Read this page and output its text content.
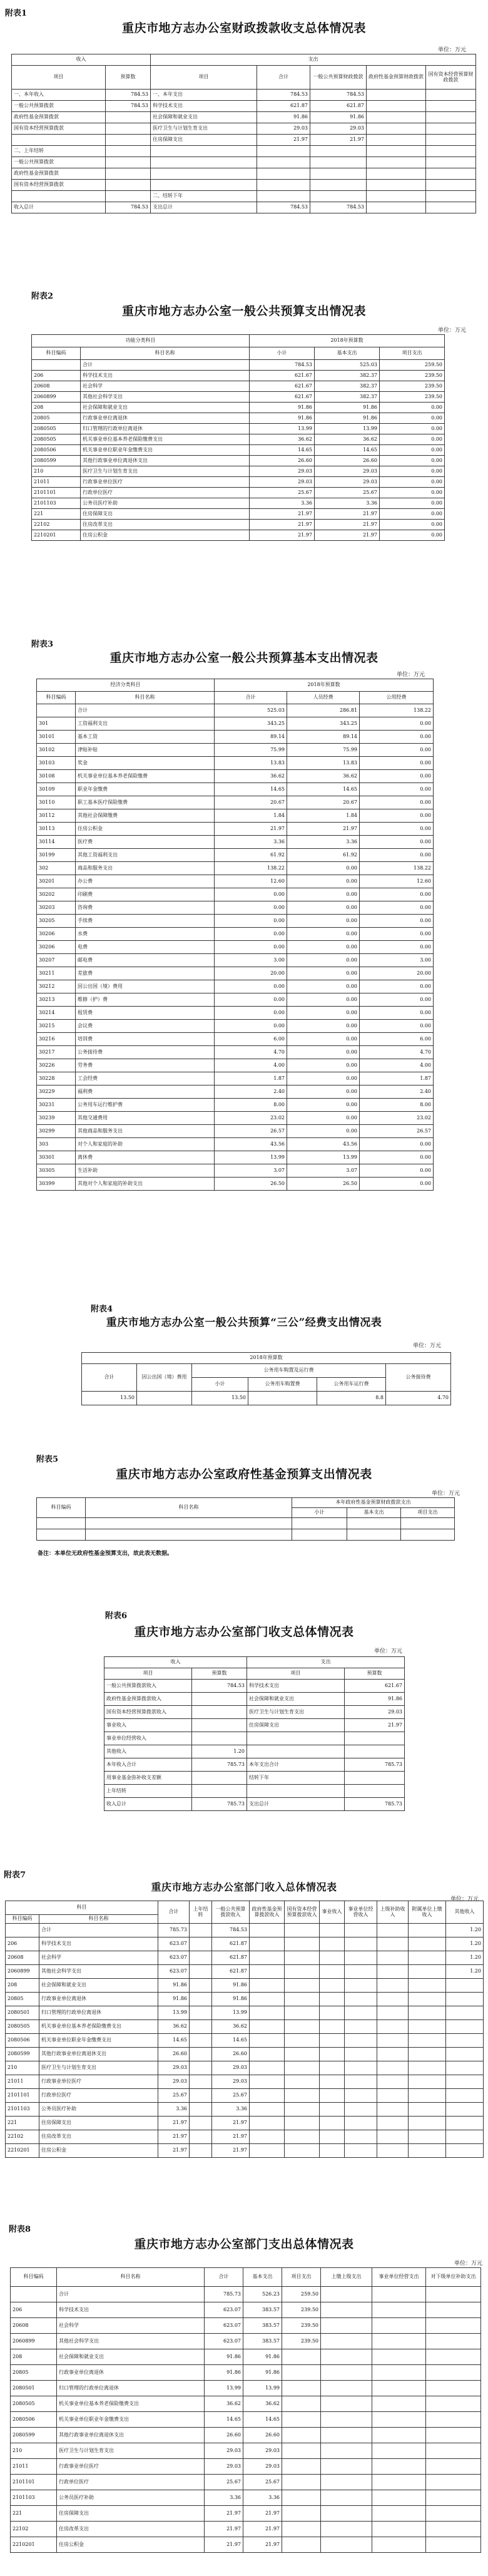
附表1
重庆市地方志办公室财政拨款收支总体情况表
单位：万元
收入		支出				
项目	预算数	项目	合计	一般公共预算财政拨款	政府性基金预算财政拨款	国有资本经营预算财政拨款
一、本年收入	784.53	一、本年支出	784.53	784.53		
一般公共预算拨款	784.53	科学技术支出	621.87	621.87		
政府性基金预算拨款		社会保障和就业支出	91.86	91.86		
国有资本经营预算拨款		医疗卫生与计划生育支出	29.03	29.03		
		住房保障支出	21.97	21.97		
二、上年结转						
一般公共预算拨款						
政府性基金预算拨款						
国有资本经营预算拨款						
		二、结转下年				
收入总计	784.53	支出总计	784.53	784.53		
附表2
重庆市地方志办公室一般公共预算支出情况表
单位：万元
功能分类科目		2018年预算数		
科目编码	科目名称	小计	基本支出	项目支出
	合计	784.53	525.03	259.50
206	科学技术支出	621.67	382.37	239.50
20608	社会科学	621.67	382.37	239.50
2060899	其他社会科学支出	621.67	382.37	239.50
208	社会保障和就业支出	91.86	91.86	0.00
20805	行政事业单位离退休	91.86	91.86	0.00
2080505	归口管理的行政单位离退休	13.99	13.99	0.00
2080505	机关事业单位基本养老保险缴费支出	36.62	36.62	0.00
2080506	机关事业单位职业年金缴费支出	14.65	14.65	0.00
2080599	其他行政事业单位离退休支出	26.60	26.60	0.00
210	医疗卫生与计划生育支出	29.03	29.03	0.00
21011	行政事业单位医疗	29.03	29.03	0.00
2101101	行政单位医疗	25.67	25.67	0.00
2101103	公务员医疗补助	3.36	3.36	0.00
221	住房保障支出	21.97	21.97	0.00
22102	住房改革支出	21.97	21.97	0.00
2210201	住房公积金	21.97	21.97	0.00
附表3
重庆市地方志办公室一般公共预算基本支出情况表
单位：万元
经济分类科目		2018年预算数		
科目编码	科目名称	合计	人员经费	公用经费
	合计	525.03	286.81	138.22
301	工资福利支出	343.25	343.25	0.00
30101	基本工资	89.14	89.14	0.00
30102	津贴补贴	75.99	75.99	0.00
30103	奖金	13.83	13.83	0.00
30108	机关事业单位基本养老保险缴费	36.62	36.62	0.00
30109	职业年金缴费	14.65	14.65	0.00
30110	职工基本医疗保险缴费	20.67	20.67	0.00
30112	其他社会保障缴费	1.84	1.84	0.00
30113	住房公积金	21.97	21.97	0.00
30114	医疗费	3.36	3.36	0.00
30199	其他工资福利支出	61.92	61.92	0.00
302	商品和服务支出	138.22	0.00	138.22
30201	办公费	12.60	0.00	12.60
30202	印刷费	0.00	0.00	0.00
30203	咨询费	0.00	0.00	0.00
30205	手续费	0.00	0.00	0.00
30206	水费	0.00	0.00	0.00
30206	电费	0.00	0.00	0.00
30207	邮电费	3.00	0.00	3.00
30211	差旅费	20.00	0.00	20.00
30212	因公出国（境）费用	0.00	0.00	0.00
30213	维修（护）费	0.00	0.00	0.00
30214	租赁费	0.00	0.00	0.00
30215	会议费	0.00	0.00	0.00
30216	培训费	6.00	0.00	6.00
30217	公务接待费	4.70	0.00	4.70
30226	劳务费	4.00	0.00	4.00
30228	工会经费	1.87	0.00	1.87
30229	福利费	2.40	0.00	2.40
30231	公务用车运行维护费	8.00	0.00	8.00
30239	其他交通费用	23.02	0.00	23.02
30299	其他商品和服务支出	26.57	0.00	26.57
303	对个人和家庭的补助	43.56	43.56	0.00
30301	离休费	13.99	13.99	0.00
30305	生活补助	3.07	3.07	0.00
30399	其他对个人和家庭的补助支出	26.50	26.50	0.00
附表4
重庆市地方志办公室一般公共预算“三公”经费支出情况表
单位：万元
2018年预算数					
合计	因公出国（境）费用	公务用车购置及运行费			公务接待费
		小计	公务用车购置费	公务用车运行费	
13.50		13.50		8.8	4.70
附表5
重庆市地方志办公室政府性基金预算支出情况表
单位：万元
科目编码	科目名称	本年政府性基金预算财政拨款支出		
		小计	基本支出	项目支出

备注：本单位无政府性基金预算支出，故此表无数据。
附表6
重庆市地方志办公室部门收支总体情况表
单位：万元
收入		支出	
项目	预算数	项目	预算数
一般公共预算拨款收入	784.53	科学技术支出	621.67
政府性基金预算拨款收入		社会保障和就业支出	91.86
国有资本经营预算拨款收入		医疗卫生与计划生育支出	29.03
事业收入		住房保障支出	21.97
事业单位经营收入			
其他收入	1.20		
本年收入合计	785.73	本年支出合计	785.73
用事业基金弥补收支差额		结转下年	
上年结转			
收入总计	785.73	支出总计	785.73
附表7
重庆市地方志办公室部门收入总体情况表
单位：万元
科目		合计	上年结转	一般公共预算拨款收入	政府性基金预算拨款收入	国有资本经营预算拨款收入	事业收入	事业单位经营收入	上级补助收入	附属单位上缴收入	其他收入
科目编码	科目名称										
	合计	785.73		784.53							1.20
206	科学技术支出	623.07		621.87							1.20
20608	社会科学	623.07		621.87							1.20
2060899	其他社会科学支出	623.07		621.87							1.20
208	社会保障和就业支出	91.86		91.86							
20805	行政事业单位离退休	91.86		91.86							
2080501	归口管理的行政单位离退休	13.99		13.99							
2080505	机关事业单位基本养老保险缴费支出	36.62		36.62							
2080506	机关事业单位职业年金缴费支出	14.65		14.65							
2080599	其他行政事业单位离退休支出	26.60		26.60							
210	医疗卫生与计划生育支出	29.03		29.03							
21011	行政事业单位医疗	29.03		29.03							
2101101	行政单位医疗	25.67		25.67							
2101103	公务员医疗补助	3.36		3.36							
221	住房保障支出	21.97		21.97							
22102	住房改革支出	21.97		21.97							
2210201	住房公积金	21.97		21.97							
附表8
重庆市地方志办公室部门支出总体情况表
单位：万元
科目编码	科目名称	合计	基本支出	项目支出	上缴上级支出	事业单位经营支出	对下级单位补助支出
	合计	785.73	526.23	259.50			
206	科学技术支出	623.07	383.57	239.50			
20608	社会科学	623.07	383.57	239.50			
2060899	其他社会科学支出	623.07	383.57	239.50			
208	社会保障和就业支出	91.86	91.86				
20805	行政事业单位离退休	91.86	91.86				
2080501	归口管理的行政单位离退休	13.99	13.99				
2080505	机关事业单位基本养老保险缴费支出	36.62	36.62				
2080506	机关事业单位职业年金缴费支出	14.65	14.65				
2080599	其他行政事业单位离退休支出	26.60	26.60				
210	医疗卫生与计划生育支出	29.03	29.03				
21011	行政事业单位医疗	29.03	29.03				
2101101	行政单位医疗	25.67	25.67				
2101103	公务员医疗补助	3.36	3.36				
221	住房保障支出	21.97	21.97				
22102	住房改革支出	21.97	21.97				
2210201	住房公积金	21.97	21.97				
